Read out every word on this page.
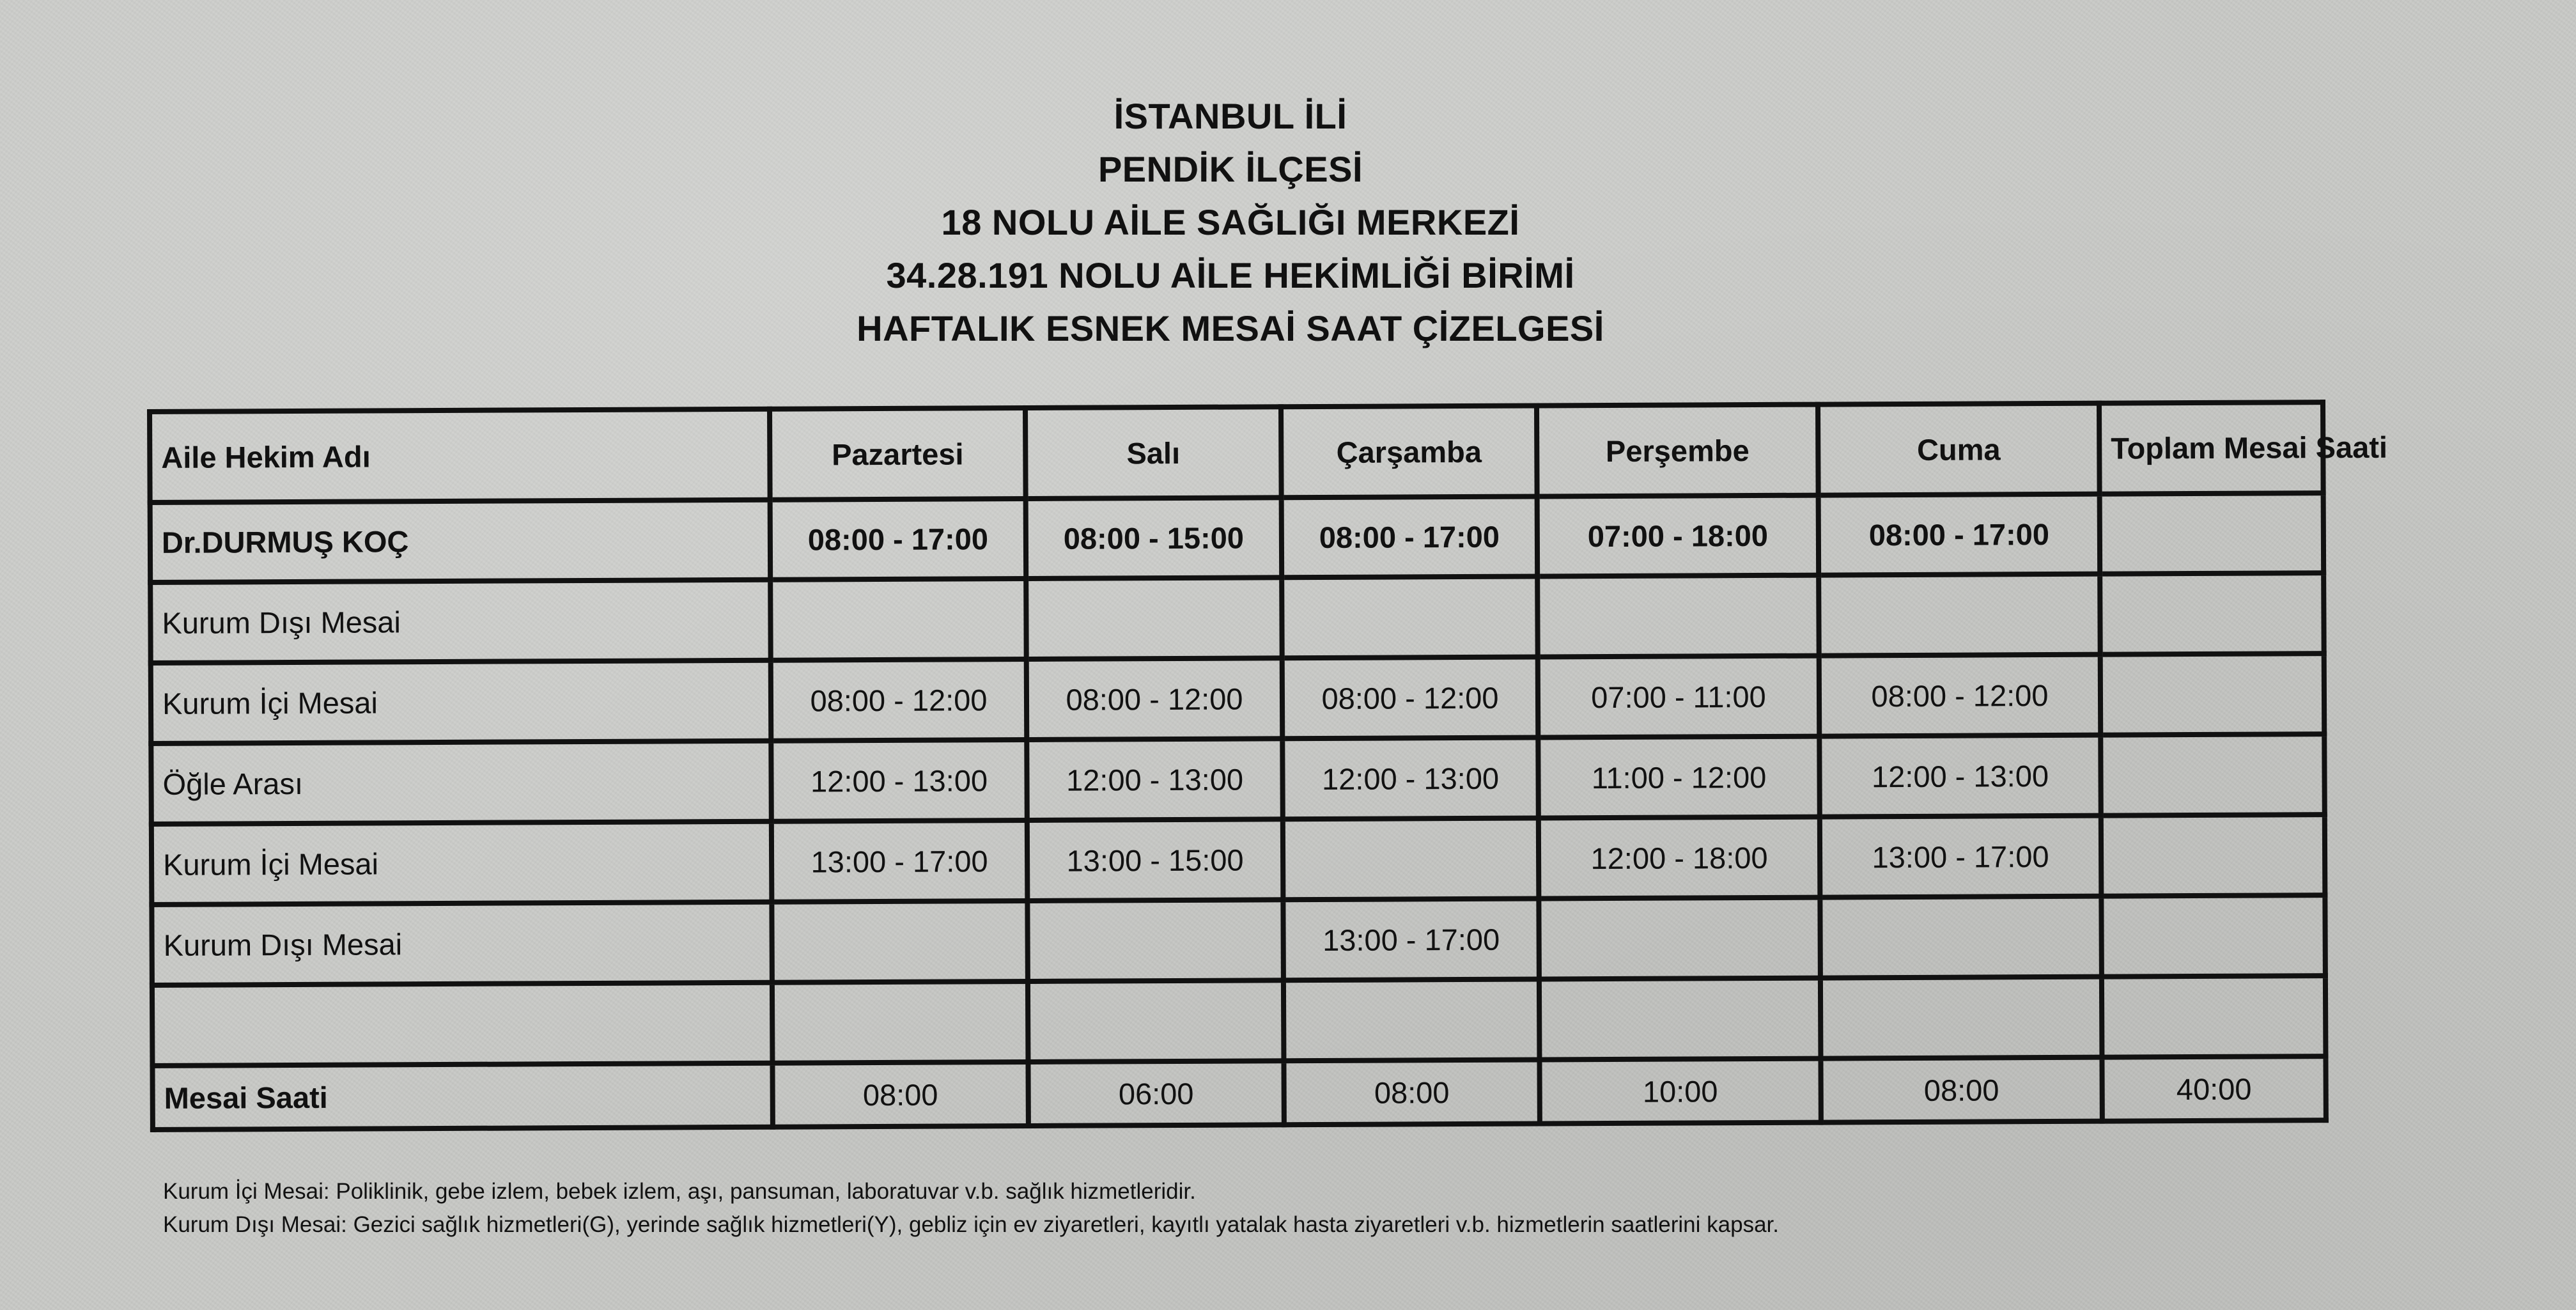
İSTANBUL İLİ
PENDİK İLÇESİ
18 NOLU AİLE SAĞLIĞI MERKEZİ
34.28.191 NOLU AİLE HEKİMLİĞİ BİRİMİ
HAFTALIK ESNEK MESAİ SAAT ÇİZELGESİ
Aile Hekim Adı	Pazartesi	Salı	Çarşamba	Perşembe	Cuma	Toplam Mesai Saati
Dr.DURMUŞ KOÇ	08:00 - 17:00	08:00 - 15:00	08:00 - 17:00	07:00 - 18:00	08:00 - 17:00	
Kurum Dışı Mesai						
Kurum İçi Mesai	08:00 - 12:00	08:00 - 12:00	08:00 - 12:00	07:00 - 11:00	08:00 - 12:00	
Öğle Arası	12:00 - 13:00	12:00 - 13:00	12:00 - 13:00	11:00 - 12:00	12:00 - 13:00	
Kurum İçi Mesai	13:00 - 17:00	13:00 - 15:00		12:00 - 18:00	13:00 - 17:00	
Kurum Dışı Mesai			13:00 - 17:00			

Mesai Saati	08:00	06:00	08:00	10:00	08:00	40:00
Kurum İçi Mesai: Poliklinik, gebe izlem, bebek izlem, aşı, pansuman, laboratuvar v.b. sağlık hizmetleridir.
Kurum Dışı Mesai: Gezici sağlık hizmetleri(G), yerinde sağlık hizmetleri(Y), gebliz için ev ziyaretleri, kayıtlı yatalak hasta ziyaretleri v.b. hizmetlerin saatlerini kapsar.
